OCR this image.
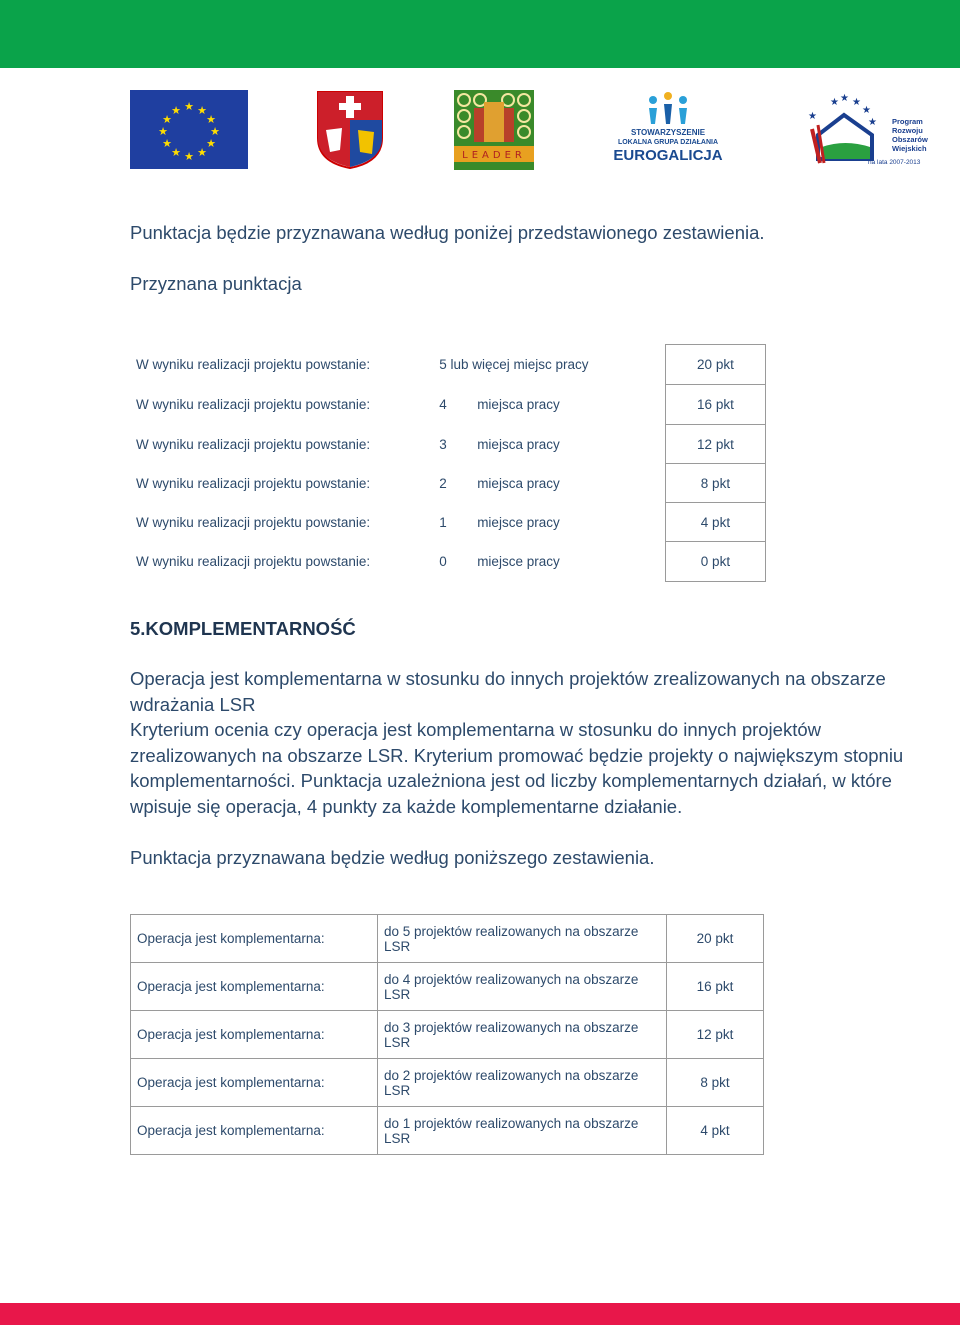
★ ★
★
★
★
★
★
★
★
★
★
★
LEADER
STOWARZYSZENIE
LOKALNA GRUPA DZIAŁANIA
EUROGALICJA
★ ★
★
★
★
★	Program
Rozwoju
Obszarów
Wiejskich
na lata 2007-2013
Punktacja będzie przyznawana według poniżej przedstawionego zestawienia.
Przyznana punktacja
W wyniku realizacji projektu powstanie:	5 lub więcej miejsc pracy	20 pkt
W wyniku realizacji projektu powstanie:	4 miejsca pracy	16 pkt
W wyniku realizacji projektu powstanie:	3 miejsca pracy	12 pkt
W wyniku realizacji projektu powstanie:	2 miejsca pracy	8 pkt
W wyniku realizacji projektu powstanie:	1 miejsce pracy	4 pkt
W wyniku realizacji projektu powstanie:	0 miejsce pracy	0 pkt
5.KOMPLEMENTARNOŚĆ
Operacja jest komplementarna w stosunku do innych projektów zrealizowanych na obszarze
wdrażania LSR
Kryterium ocenia czy operacja jest komplementarna w stosunku do innych projektów
zrealizowanych na obszarze LSR. Kryterium promować będzie projekty o największym stopniu
komplementarności. Punktacja uzależniona jest od liczby komplementarnych działań, w które
wpisuje się operacja, 4 punkty za każde komplementarne działanie.
Punktacja przyznawana będzie według poniższego zestawienia.
Operacja jest komplementarna:	do 5 projektów realizowanych na obszarze LSR	20 pkt
Operacja jest komplementarna:	do 4 projektów realizowanych na obszarze LSR	16 pkt
Operacja jest komplementarna:	do 3 projektów realizowanych na obszarze LSR	12 pkt
Operacja jest komplementarna:	do 2 projektów realizowanych na obszarze LSR	8 pkt
Operacja jest komplementarna:	do 1 projektów realizowanych na obszarze LSR	4 pkt
